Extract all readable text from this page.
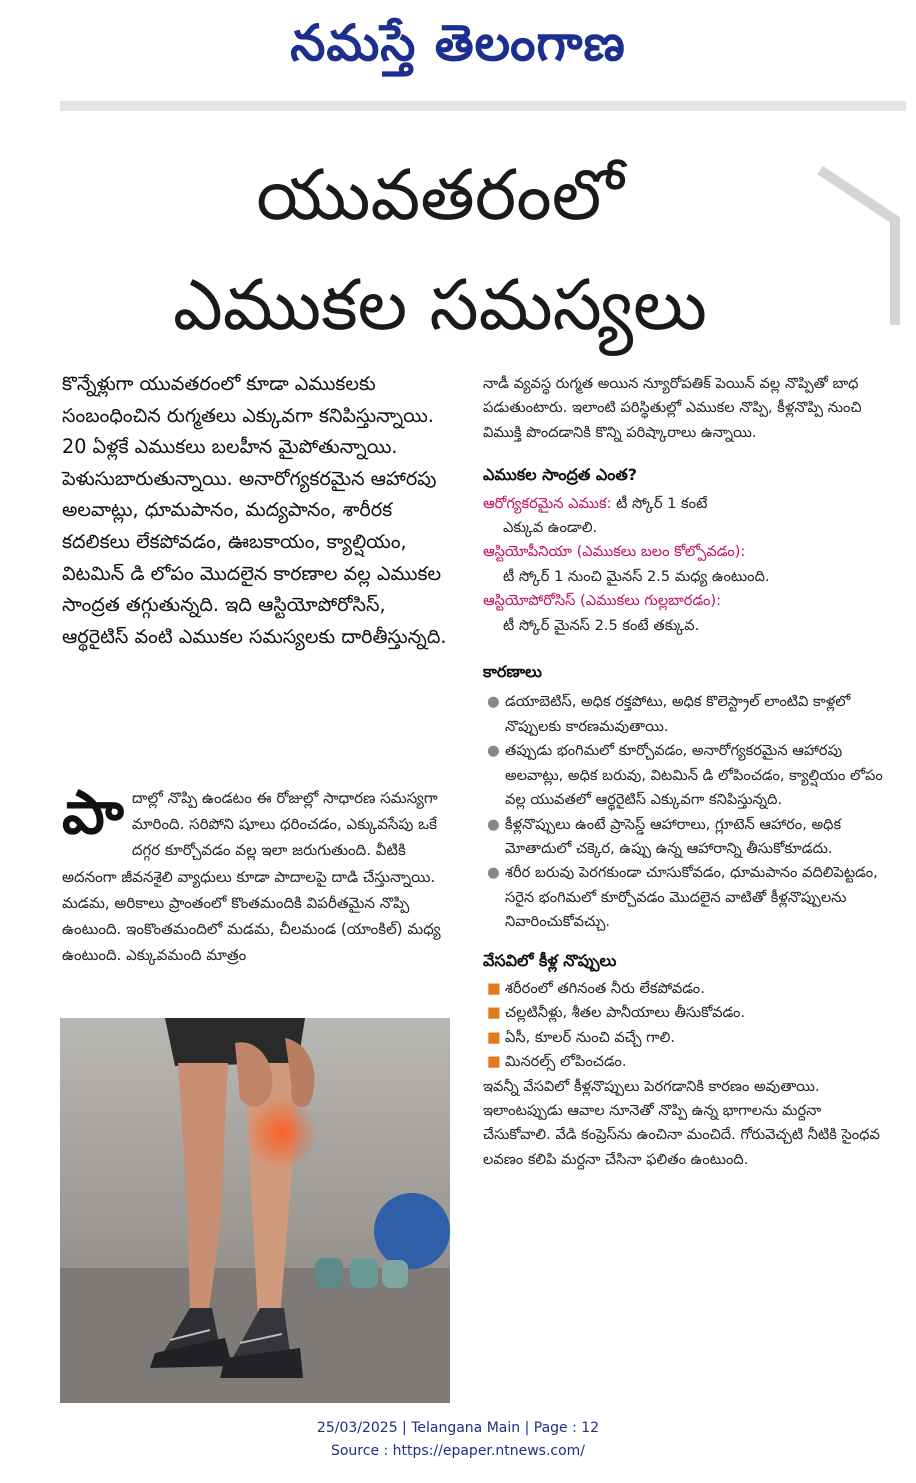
నమస్తే తెలంగాణ
యువతరంలో
ఎముకల సమస్యలు

కొన్నేళ్లుగా యువతరంలో కూడా ఎముకలకు సంబంధించిన రుగ్మతలు ఎక్కువగా కనిపిస్తున్నాయి. 20 ఏళ్లకే ఎముకలు బలహీన మైపోతున్నాయి. పెళుసుబారుతున్నాయి. అనారోగ్యకరమైన ఆహారపు అలవాట్లు, ధూమపానం, మద్యపానం, శారీరక కదలికలు లేకపోవడం, ఊబకాయం, క్యాల్షియం, విటమిన్ డి లోపం మొదలైన కారణాల వల్ల ఎముకల సాంద్రత తగ్గుతున్నది. ఇది ఆస్టియోపోరోసిస్, ఆర్థరైటిస్ వంటి ఎముకల సమస్యలకు దారితీస్తున్నది.

పా దాల్లో నొప్పి ఉండటం ఈ రోజుల్లో సాధారణ సమస్యగా మారింది. సరిపోని షూలు ధరించడం, ఎక్కువసేపు ఒకే దగ్గర కూర్చోవడం వల్ల ఇలా జరుగుతుంది. వీటికి అదనంగా జీవనశైలి వ్యాధులు కూడా పాదాలపై దాడి చేస్తున్నాయి. మడమ, అరికాలు ప్రాంతంలో కొంతమందికి విపరీతమైన నొప్పి ఉంటుంది. ఇంకొంతమందిలో మడమ, చీలమండ (యాంకిల్) మధ్య ఉంటుంది. ఎక్కువమంది మాత్రం

నాడీ వ్యవస్థ రుగ్మత అయిన న్యూరోపతిక్ పెయిన్ వల్ల నొప్పితో బాధ పడుతుంటారు. ఇలాంటి పరిస్థితుల్లో ఎముకల నొప్పి, కీళ్లనొప్పి నుంచి విముక్తి పొందడానికి కొన్ని పరిష్కారాలు ఉన్నాయి.

ఎముకల సాంద్రత ఎంత?
ఆరోగ్యకరమైన ఎముక: టీ స్కోర్ 1 కంటే
ఎక్కువ ఉండాలి.
ఆస్టియోపీనియా (ఎముకలు బలం కోల్పోవడం):
టీ స్కోర్ 1 నుంచి మైనస్ 2.5 మధ్య ఉంటుంది.
ఆస్టియోపోరోసిస్ (ఎముకలు గుల్లబారడం):
టీ స్కోర్ మైనస్ 2.5 కంటే తక్కువ.
కారణాలు
● డయాబెటిస్, అధిక రక్తపోటు, అధిక కొలెస్ట్రాల్ లాంటివి కాళ్లలో నొప్పులకు కారణమవుతాయి.
● తప్పుడు భంగిమలో కూర్చోవడం, అనారోగ్యకరమైన ఆహారపు అలవాట్లు, అధిక బరువు, విటమిన్ డి లోపించడం, క్యాల్షియం లోపం వల్ల యువతలో ఆర్థరైటిస్ ఎక్కువగా కనిపిస్తున్నది.
● కీళ్లనొప్పులు ఉంటే ప్రాసెస్డ్ ఆహారాలు, గ్లూటెన్ ఆహారం, అధిక మోతాదులో చక్కెర, ఉప్పు ఉన్న ఆహారాన్ని తీసుకోకూడదు.
● శరీర బరువు పెరగకుండా చూసుకోవడం, ధూమపానం వదిలిపెట్టడం, సరైన భంగిమలో కూర్చోవడం మొదలైన వాటితో కీళ్లనొప్పులను నివారించుకోవచ్చు.
వేసవిలో కీళ్ల నొప్పులు
■ శరీరంలో తగినంత నీరు లేకపోవడం.
■ చల్లటినీళ్లు, శీతల పానీయాలు తీసుకోవడం.
■ ఏసీ, కూలర్ నుంచి వచ్చే గాలి.
■ మినరల్స్ లోపించడం.

ఇవన్నీ వేసవిలో కీళ్లనొప్పులు పెరగడానికి కారణం అవుతాయి. ఇలాంటప్పుడు ఆవాల నూనెతో నొప్పి ఉన్న భాగాలను మర్దనా చేసుకోవాలి. వేడి కంప్రెస్‌ను ఉంచినా మంచిదే. గోరువెచ్చటి నీటికి సైంధవ లవణం కలిపి మర్దనా చేసినా ఫలితం ఉంటుంది.

25/03/2025 | Telangana Main | Page : 12
Source : https://epaper.ntnews.com/
